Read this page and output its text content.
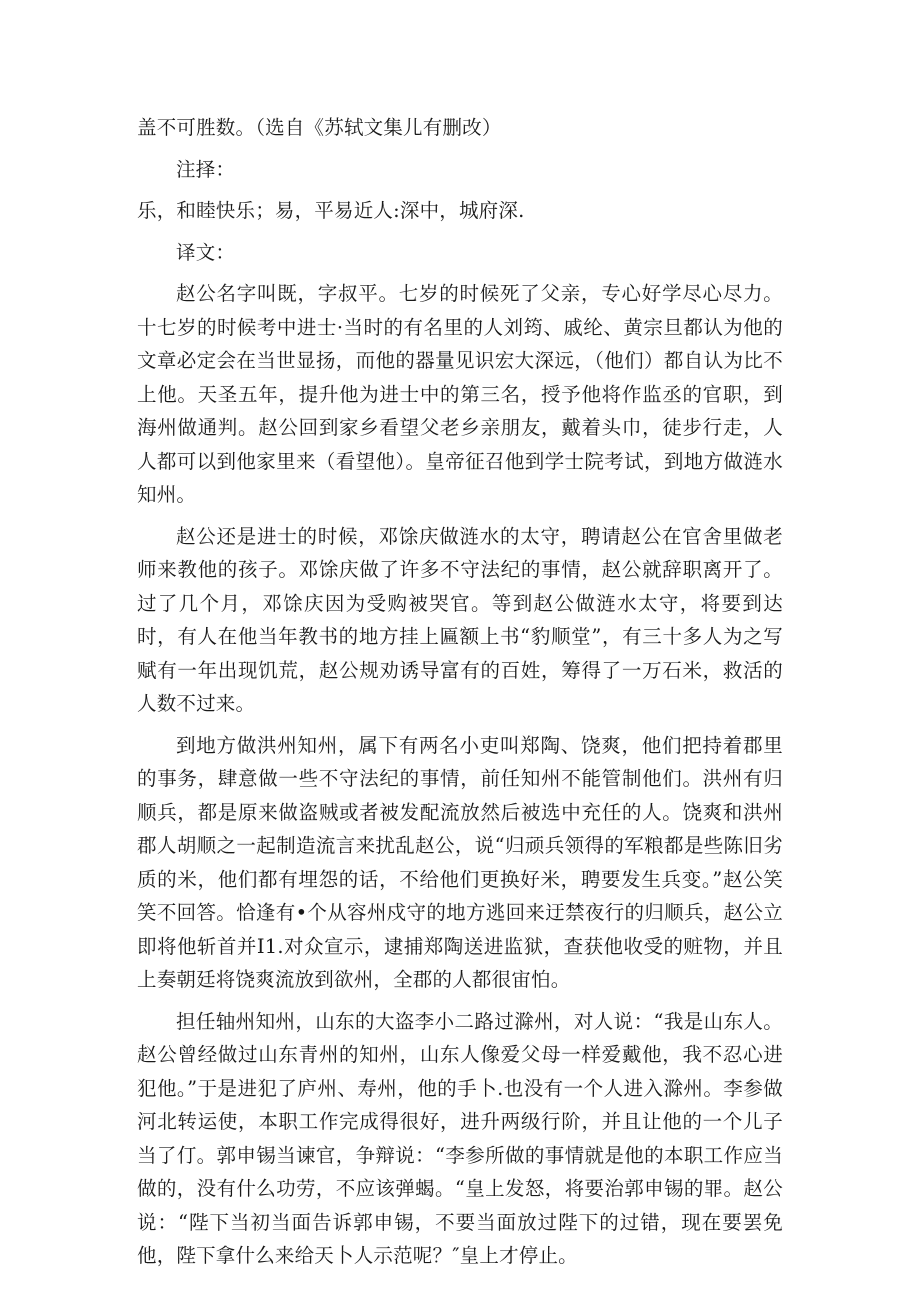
盖不可胜数。（选自《苏轼文集儿有删改）

注择：

乐，和睦快乐；易，平易近人:深中，城府深.

译文：

赵公名字叫既，字叔平。七岁的时候死了父亲，专心好学尽心尽力。十七岁的时候考中进士·当时的有名里的人刘筠、戚纶、黄宗旦都认为他的文章必定会在当世显扬，而他的器量见识宏大深远，（他们）都自认为比不上他。天圣五年，提升他为进士中的第三名，授予他将作监丞的官职，到海州做通判。赵公回到家乡看望父老乡亲朋友，戴着头巾，徒步行走，人人都可以到他家里来（看望他）。皇帝征召他到学士院考试，到地方做涟水知州。

赵公还是进士的时候，邓馀庆做涟水的太守，聘请赵公在官舍里做老师来教他的孩子。邓馀庆做了许多不守法纪的事情，赵公就辞职离开了。过了几个月，邓馀庆因为受购被哭官。等到赵公做涟水太守，将要到达时，有人在他当年教书的地方挂上匾额上书“豹顺堂”，有三十多人为之写赋有一年出现饥荒，赵公规劝诱导富有的百姓，筹得了一万石米，救活的人数不过来。

到地方做洪州知州，属下有两名小吏叫郑陶、饶爽，他们把持着郡里的事务，肆意做一些不守法纪的事情，前任知州不能管制他们。洪州有归顺兵，都是原来做盗贼或者被发配流放然后被选中充任的人。饶爽和洪州郡人胡顺之一起制造流言来扰乱赵公，说“归顽兵领得的军粮都是些陈旧劣质的米，他们都有埋怨的话，不给他们更换好米，聘要发生兵变。”赵公笑笑不回答。恰逢有•个从容州戍守的地方逃回来迂禁夜行的归顺兵，赵公立即将他斩首并I1.对众宣示，逮捕郑陶送进监狱，查获他收受的赃物，并且上奏朝廷将饶爽流放到欲州，全郡的人都很宙怕。

担任轴州知州，山东的大盗李小二路过滁州，对人说：“我是山东人。赵公曾经做过山东青州的知州，山东人像爱父母一样爱戴他，我不忍心进犯他。”于是进犯了庐州、寿州，他的手卜.也没有一个人进入滁州。李参做河北转运使，本职工作完成得很好，进升两级行阶，并且让他的一个儿子当了仃。郭申锡当谏官，争辩说：“李参所做的事情就是他的本职工作应当做的，没有什么功劳，不应该弹蝎。“皇上发怒，将要治郭申锡的罪。赵公说：“陛下当初当面告诉郭申锡，不要当面放过陛下的过错，现在要罢免他，陛下拿什么来给天卜人示范呢？″皇上才停止。
